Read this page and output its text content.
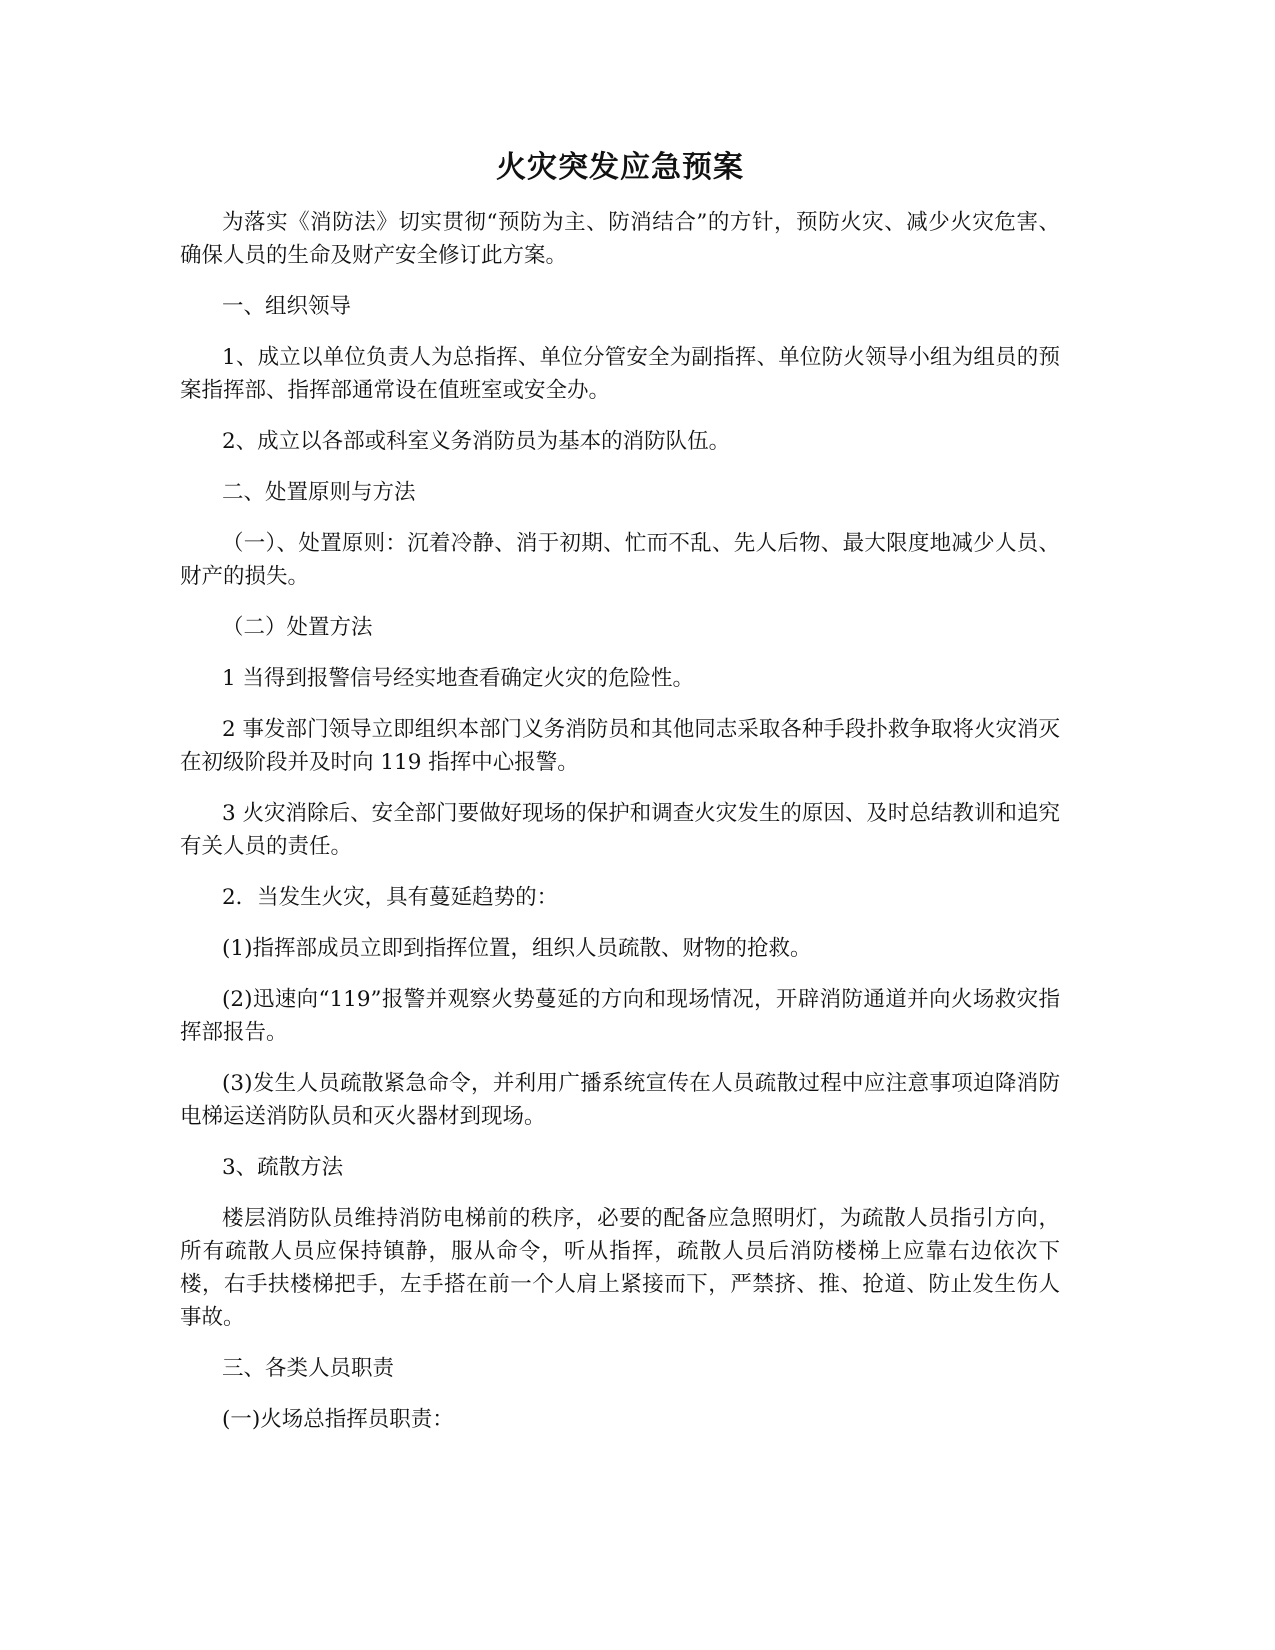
火灾突发应急预案

为落实《消防法》切实贯彻“预防为主、防消结合”的方针，预防火灾、减少火灾危害、确保人员的生命及财产安全修订此方案。

一、组织领导

1、成立以单位负责人为总指挥、单位分管安全为副指挥、单位防火领导小组为组员的预案指挥部、指挥部通常设在值班室或安全办。

2、成立以各部或科室义务消防员为基本的消防队伍。

二、处置原则与方法

（一）、处置原则：沉着冷静、消于初期、忙而不乱、先人后物、最大限度地减少人员、财产的损失。

（二）处置方法

1 当得到报警信号经实地查看确定火灾的危险性。

2 事发部门领导立即组织本部门义务消防员和其他同志采取各种手段扑救争取将火灾消灭在初级阶段并及时向 119 指挥中心报警。

3 火灾消除后、安全部门要做好现场的保护和调查火灾发生的原因、及时总结教训和追究有关人员的责任。

2．当发生火灾，具有蔓延趋势的：

(1)指挥部成员立即到指挥位置，组织人员疏散、财物的抢救。

(2)迅速向“119”报警并观察火势蔓延的方向和现场情况，开辟消防通道并向火场救灾指挥部报告。

(3)发生人员疏散紧急命令，并利用广播系统宣传在人员疏散过程中应注意事项迫降消防电梯运送消防队员和灭火器材到现场。

3、疏散方法

楼层消防队员维持消防电梯前的秩序，必要的配备应急照明灯，为疏散人员指引方向，所有疏散人员应保持镇静，服从命令，听从指挥，疏散人员后消防楼梯上应靠右边依次下楼，右手扶楼梯把手，左手搭在前一个人肩上紧接而下，严禁挤、推、抢道、防止发生伤人事故。

三、各类人员职责

(一)火场总指挥员职责：
